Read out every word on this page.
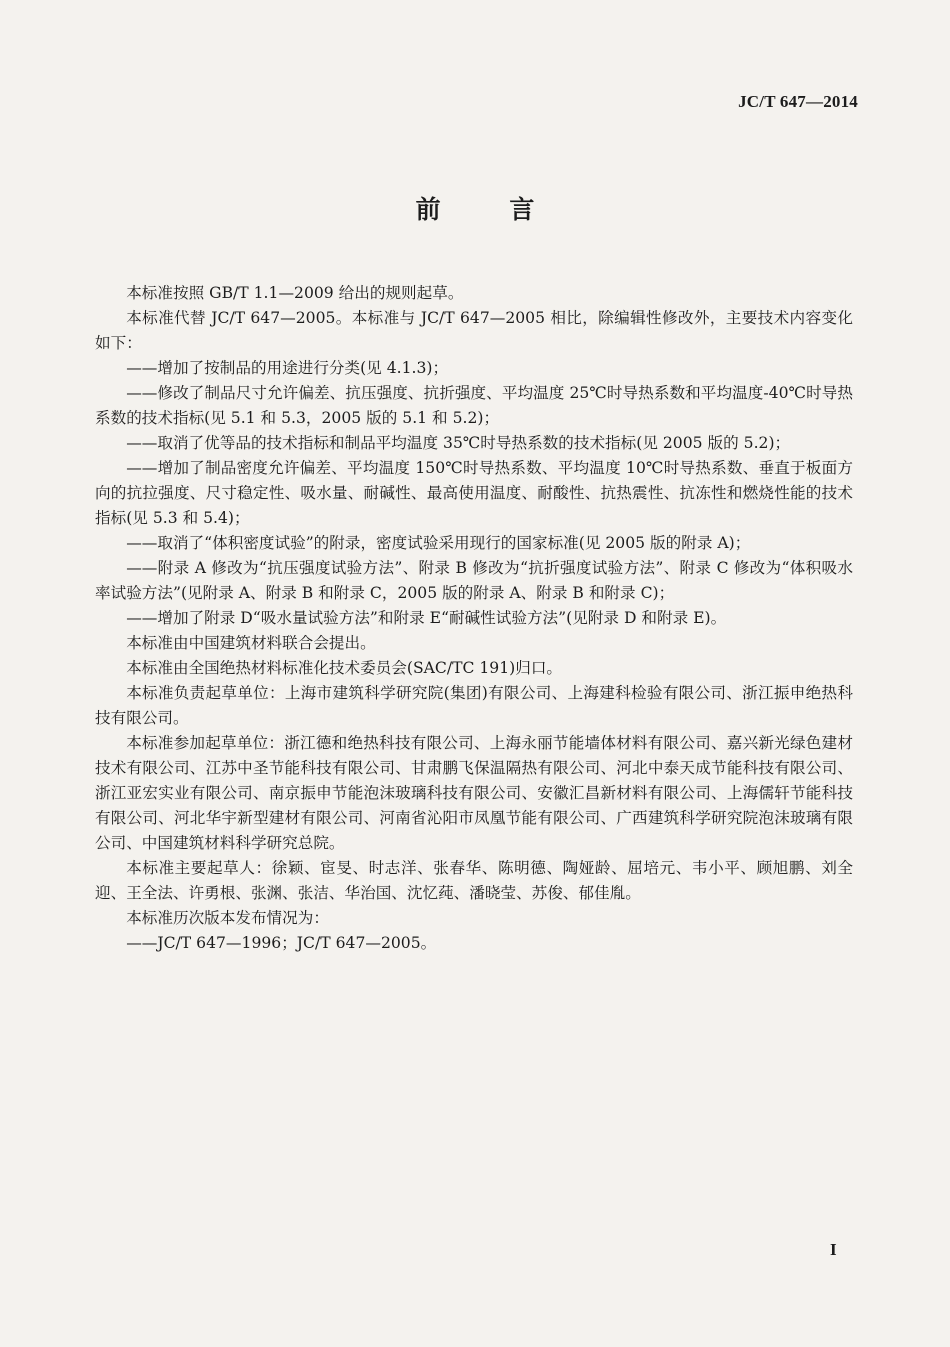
JC/T 647—2014
前 言

本标准按照 GB/T 1.1—2009 给出的规则起草。

本标准代替 JC/T 647—2005。本标准与 JC/T 647—2005 相比，除编辑性修改外，主要技术内容变化如下：

——增加了按制品的用途进行分类(见 4.1.3)；

——修改了制品尺寸允许偏差、抗压强度、抗折强度、平均温度 25℃时导热系数和平均温度-40℃时导热系数的技术指标(见 5.1 和 5.3，2005 版的 5.1 和 5.2)；

——取消了优等品的技术指标和制品平均温度 35℃时导热系数的技术指标(见 2005 版的 5.2)；

——增加了制品密度允许偏差、平均温度 150℃时导热系数、平均温度 10℃时导热系数、垂直于板面方向的抗拉强度、尺寸稳定性、吸水量、耐碱性、最高使用温度、耐酸性、抗热震性、抗冻性和燃烧性能的技术指标(见 5.3 和 5.4)；

——取消了“体积密度试验”的附录，密度试验采用现行的国家标准(见 2005 版的附录 A)；

——附录 A 修改为“抗压强度试验方法”、附录 B 修改为“抗折强度试验方法”、附录 C 修改为“体积吸水率试验方法”(见附录 A、附录 B 和附录 C，2005 版的附录 A、附录 B 和附录 C)；

——增加了附录 D“吸水量试验方法”和附录 E“耐碱性试验方法”(见附录 D 和附录 E)。

本标准由中国建筑材料联合会提出。

本标准由全国绝热材料标准化技术委员会(SAC/TC 191)归口。

本标准负责起草单位：上海市建筑科学研究院(集团)有限公司、上海建科检验有限公司、浙江振申绝热科技有限公司。

本标准参加起草单位：浙江德和绝热科技有限公司、上海永丽节能墙体材料有限公司、嘉兴新光绿色建材技术有限公司、江苏中圣节能科技有限公司、甘肃鹏飞保温隔热有限公司、河北中泰天成节能科技有限公司、浙江亚宏实业有限公司、南京振申节能泡沫玻璃科技有限公司、安徽汇昌新材料有限公司、上海儒轩节能科技有限公司、河北华宇新型建材有限公司、河南省沁阳市凤凰节能有限公司、广西建筑科学研究院泡沫玻璃有限公司、中国建筑材料科学研究总院。

本标准主要起草人：徐颖、宦旻、时志洋、张春华、陈明德、陶娅龄、屈培元、韦小平、顾旭鹏、刘全迎、王全法、许勇根、张渊、张洁、华治国、沈忆莼、潘晓莹、苏俊、郁佳胤。

本标准历次版本发布情况为：

——JC/T 647—1996；JC/T 647—2005。

I
